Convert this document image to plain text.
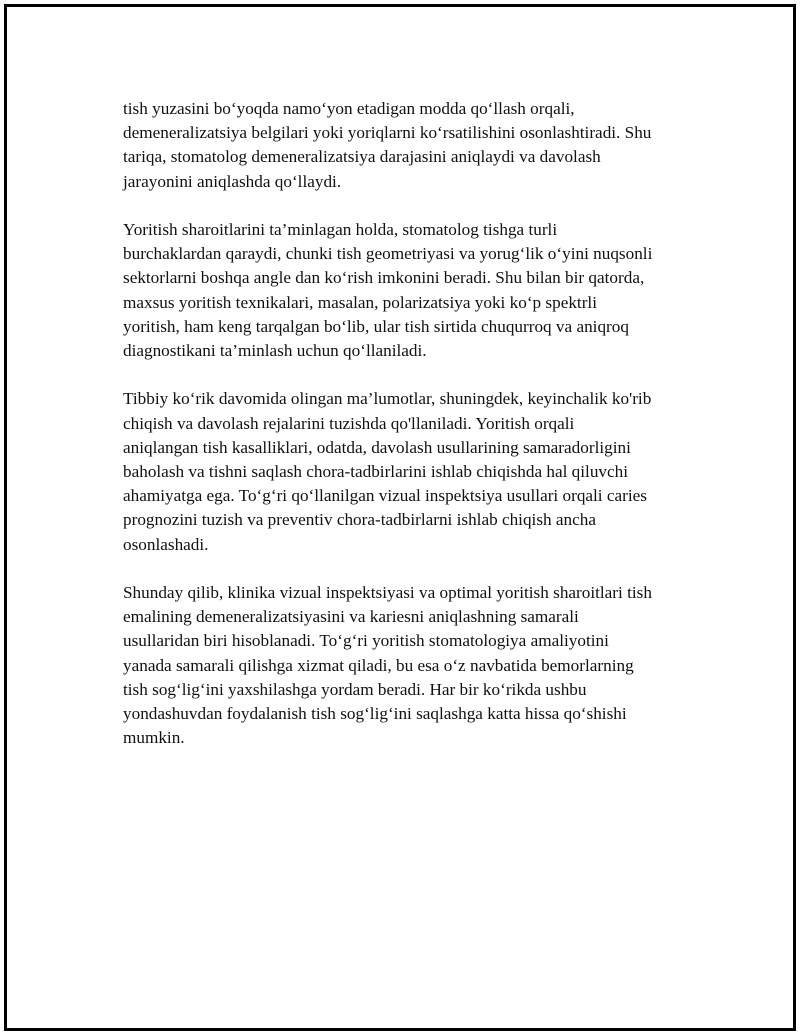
tish yuzasini bo‘yoqda namo‘yon etadigan modda qo‘llash orqali,
demeneralizatsiya belgilari yoki yoriqlarni ko‘rsatilishini osonlashtiradi. Shu
tariqa, stomatolog demeneralizatsiya darajasini aniqlaydi va davolash
jarayonini aniqlashda qo‘llaydi.

Yoritish sharoitlarini ta’minlagan holda, stomatolog tishga turli
burchaklardan qaraydi, chunki tish geometriyasi va yorug‘lik o‘yini nuqsonli
sektorlarni boshqa angle dan ko‘rish imkonini beradi. Shu bilan bir qatorda,
maxsus yoritish texnikalari, masalan, polarizatsiya yoki ko‘p spektrli
yoritish, ham keng tarqalgan bo‘lib, ular tish sirtida chuqurroq va aniqroq
diagnostikani ta’minlash uchun qo‘llaniladi.

Tibbiy ko‘rik davomida olingan ma’lumotlar, shuningdek, keyinchalik ko'rib
chiqish va davolash rejalarini tuzishda qo'llaniladi. Yoritish orqali
aniqlangan tish kasalliklari, odatda, davolash usullarining samaradorligini
baholash va tishni saqlash chora-tadbirlarini ishlab chiqishda hal qiluvchi
ahamiyatga ega. To‘g‘ri qo‘llanilgan vizual inspektsiya usullari orqali caries
prognozini tuzish va preventiv chora-tadbirlarni ishlab chiqish ancha
osonlashadi.

Shunday qilib, klinika vizual inspektsiyasi va optimal yoritish sharoitlari tish
emalining demeneralizatsiyasini va kariesni aniqlashning samarali
usullaridan biri hisoblanadi. To‘g‘ri yoritish stomatologiya amaliyotini
yanada samarali qilishga xizmat qiladi, bu esa o‘z navbatida bemorlarning
tish sog‘lig‘ini yaxshilashga yordam beradi. Har bir ko‘rikda ushbu
yondashuvdan foydalanish tish sog‘lig‘ini saqlashga katta hissa qo‘shishi
mumkin.
